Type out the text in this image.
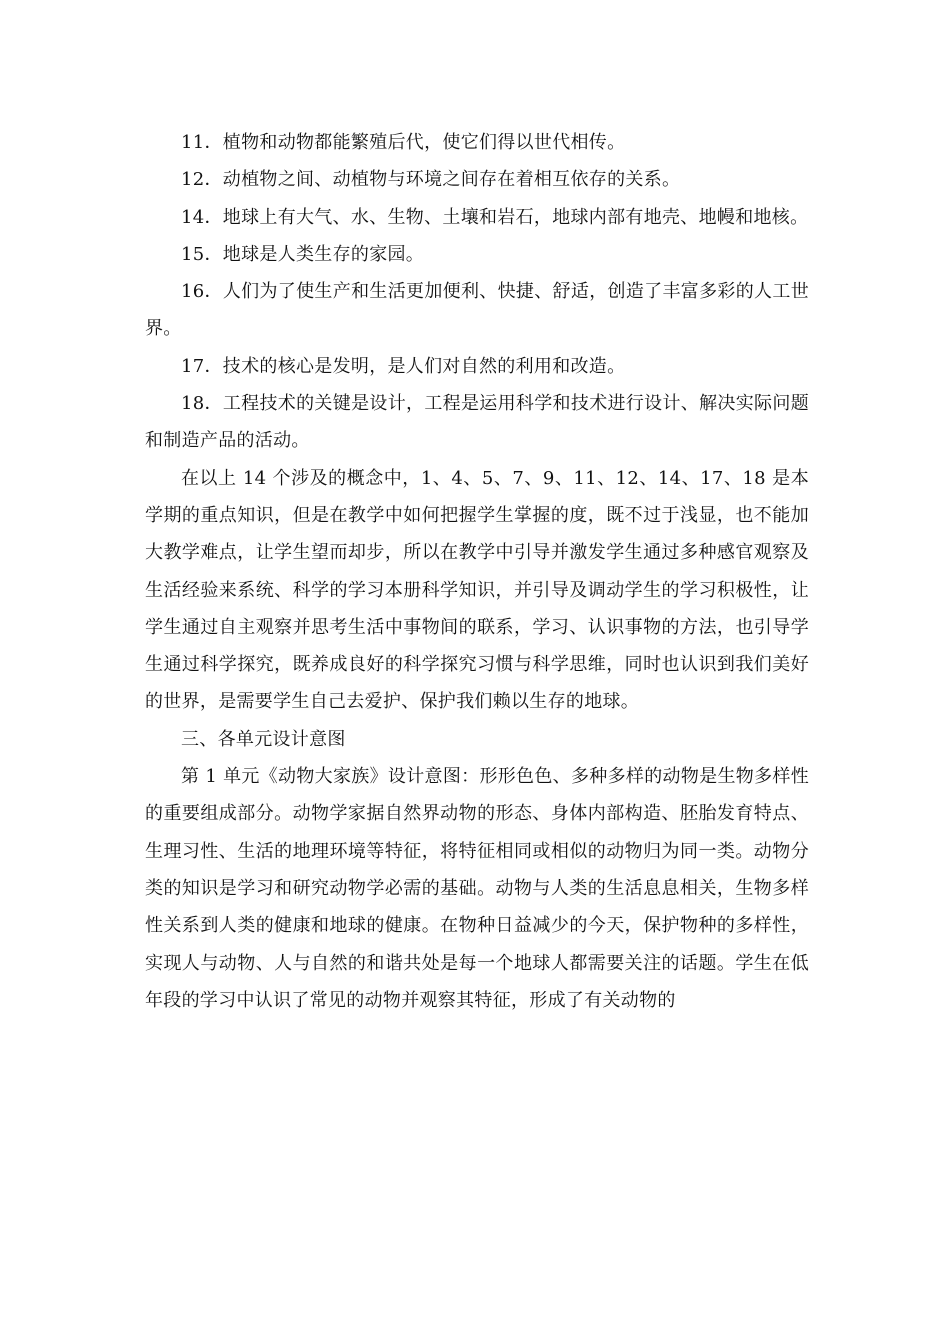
11．植物和动物都能繁殖后代，使它们得以世代相传。

12．动植物之间、动植物与环境之间存在着相互依存的关系。

14．地球上有大气、水、生物、土壤和岩石，地球内部有地壳、地幔和地核。

15．地球是人类生存的家园。

16．人们为了使生产和生活更加便利、快捷、舒适，创造了丰富多彩的人工世界。

17．技术的核心是发明，是人们对自然的利用和改造。

18．工程技术的关键是设计，工程是运用科学和技术进行设计、解决实际问题和制造产品的活动。

在以上 14 个涉及的概念中，1、4、5、7、9、11、12、14、17、18 是本学期的重点知识，但是在教学中如何把握学生掌握的度，既不过于浅显，也不能加大教学难点，让学生望而却步，所以在教学中引导并激发学生通过多种感官观察及生活经验来系统、科学的学习本册科学知识，并引导及调动学生的学习积极性，让学生通过自主观察并思考生活中事物间的联系，学习、认识事物的方法，也引导学生通过科学探究，既养成良好的科学探究习惯与科学思维，同时也认识到我们美好的世界，是需要学生自己去爱护、保护我们赖以生存的地球。

三、各单元设计意图

第 1 单元《动物大家族》设计意图：形形色色、多种多样的动物是生物多样性的重要组成部分。动物学家据自然界动物的形态、身体内部构造、胚胎发育特点、生理习性、生活的地理环境等特征，将特征相同或相似的动物归为同一类。动物分类的知识是学习和研究动物学必需的基础。动物与人类的生活息息相关，生物多样性关系到人类的健康和地球的健康。在物种日益减少的今天，保护物种的多样性，实现人与动物、人与自然的和谐共处是每一个地球人都需要关注的话题。学生在低年段的学习中认识了常见的动物并观察其特征，形成了有关动物的
